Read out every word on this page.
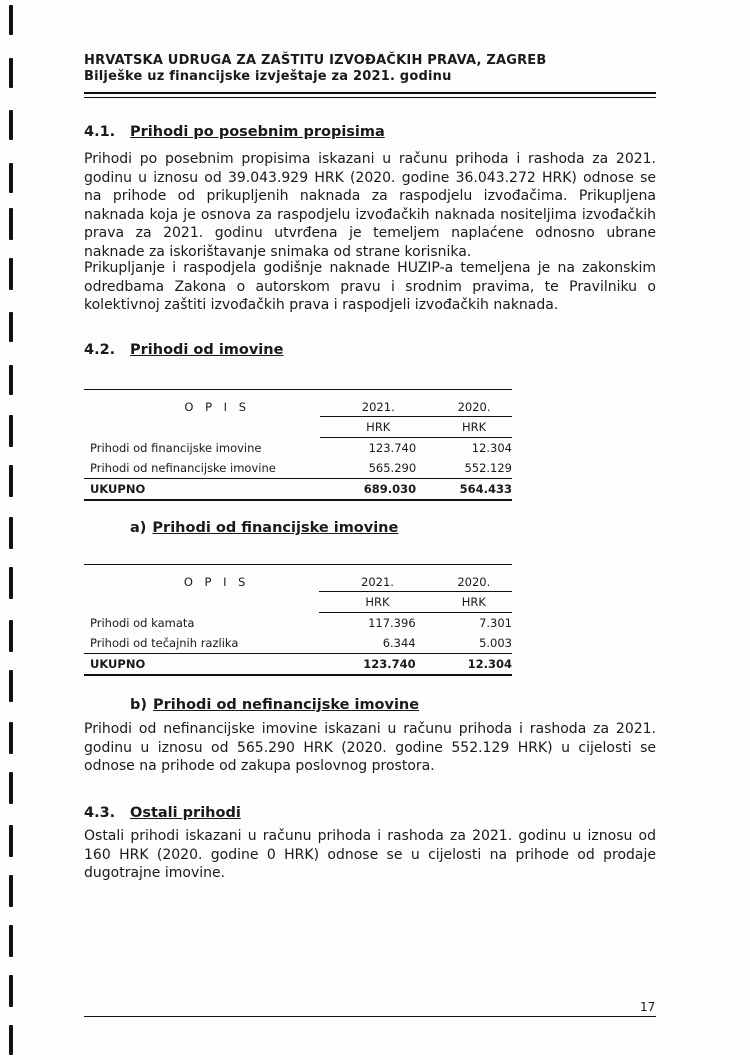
HRVATSKA UDRUGA ZA ZAŠTITU IZVOĐAČKIH PRAVA, ZAGREB
Bilješke uz financijske izvještaje za 2021. godinu
4.1. Prihodi po posebnim propisima

Prihodi po posebnim propisima iskazani u računu prihoda i rashoda za 2021. godinu u iznosu od 39.043.929 HRK (2020. godine 36.043.272 HRK) odnose se na prihode od prikupljenih naknada za raspodjelu izvođačima. Prikupljena naknada koja je osnova za raspodjelu izvođačkih naknada nositeljima izvođačkih prava za 2021. godinu utvrđena je temeljem naplaćene odnosno ubrane naknade za iskorištavanje snimaka od strane korisnika.

Prikupljanje i raspodjela godišnje naknade HUZIP-a temeljena je na zakonskim odredbama Zakona o autorskom pravu i srodnim pravima, te Pravilniku o kolektivnoj zaštiti izvođačkih prava i raspodjeli izvođačkih naknada.

4.2. Prihodi od imovine

O P I S	2021.	2020.
	HRK	HRK
Prihodi od financijske imovine	123.740	12.304
Prihodi od nefinancijske imovine	565.290	552.129
UKUPNO	689.030	564.433
a) Prihodi od financijske imovine

O P I S	2021.	2020.
	HRK	HRK
Prihodi od kamata	117.396	7.301
Prihodi od tečajnih razlika	6.344	5.003
UKUPNO	123.740	12.304
b) Prihodi od nefinancijske imovine

Prihodi od nefinancijske imovine iskazani u računu prihoda i rashoda za 2021. godinu u iznosu od 565.290 HRK (2020. godine 552.129 HRK) u cijelosti se odnose na prihode od zakupa poslovnog prostora.

4.3. Ostali prihodi

Ostali prihodi iskazani u računu prihoda i rashoda za 2021. godinu u iznosu od 160 HRK (2020. godine 0 HRK) odnose se u cijelosti na prihode od prodaje dugotrajne imovine.

17
